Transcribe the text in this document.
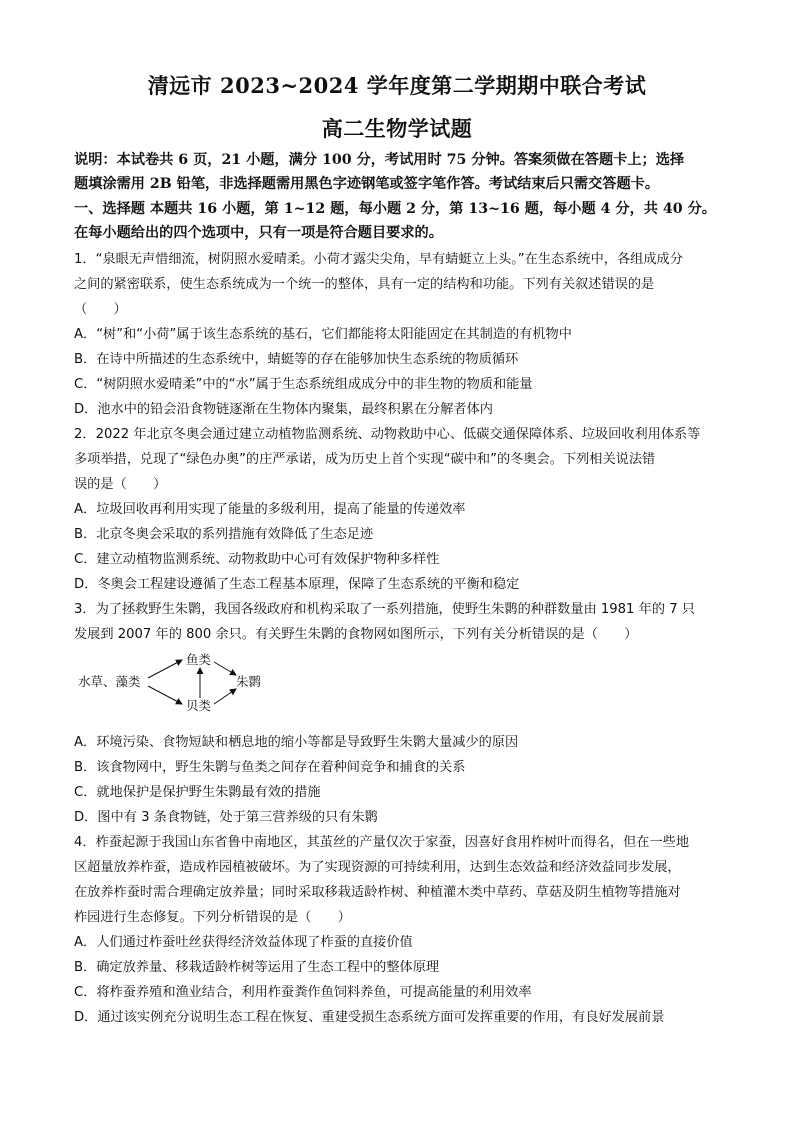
清远市 2023~2024 学年度第二学期期中联合考试
高二生物学试题
说明：本试卷共 6 页，21 小题，满分 100 分，考试用时 75 分钟。答案须做在答题卡上；选择
题填涂需用 2B 铅笔，非选择题需用黑色字迹钢笔或签字笔作答。考试结束后只需交答题卡。
一、选择题 本题共 16 小题，第 1~12 题，每小题 2 分，第 13~16 题，每小题 4 分，共 40 分。
在每小题给出的四个选项中，只有一项是符合题目要求的。
1．“泉眼无声惜细流，树阴照水爱晴柔。小荷才露尖尖角，早有蜻蜓立上头。”在生态系统中，各组成成分
之间的紧密联系，使生态系统成为一个统一的整体，具有一定的结构和功能。下列有关叙述错误的是
（　　）
A．“树”和“小荷”属于该生态系统的基石，它们都能将太阳能固定在其制造的有机物中
B．在诗中所描述的生态系统中，蜻蜓等的存在能够加快生态系统的物质循环
C．“树阴照水爱晴柔”中的“水”属于生态系统组成成分中的非生物的物质和能量
D．池水中的铅会沿食物链逐渐在生物体内聚集，最终积累在分解者体内
2．2022 年北京冬奥会通过建立动植物监测系统、动物救助中心、低碳交通保障体系、垃圾回收利用体系等
多项举措，兑现了“绿色办奥”的庄严承诺，成为历史上首个实现“碳中和”的冬奥会。下列相关说法错
误的是（　　）
A．垃圾回收再利用实现了能量的多级利用，提高了能量的传递效率
B．北京冬奥会采取的系列措施有效降低了生态足迹
C．建立动植物监测系统、动物救助中心可有效保护物种多样性
D．冬奥会工程建设遵循了生态工程基本原理，保障了生态系统的平衡和稳定
3．为了拯救野生朱鹮，我国各级政府和机构采取了一系列措施，使野生朱鹮的种群数量由 1981 年的 7 只
发展到 2007 年的 800 余只。有关野生朱鹮的食物网如图所示，下列有关分析错误的是（　　）
水草、藻类
鱼类
贝类
朱鹮
A．环境污染、食物短缺和栖息地的缩小等都是导致野生朱鹮大量减少的原因
B．该食物网中，野生朱鹮与鱼类之间存在着种间竞争和捕食的关系
C．就地保护是保护野生朱鹮最有效的措施
D．图中有 3 条食物链，处于第三营养级的只有朱鹮
4．柞蚕起源于我国山东省鲁中南地区，其茧丝的产量仅次于家蚕，因喜好食用柞树叶而得名，但在一些地
区超量放养柞蚕，造成柞园植被破坏。为了实现资源的可持续利用，达到生态效益和经济效益同步发展，
在放养柞蚕时需合理确定放养量；同时采取移栽适龄柞树、种植灌木类中草药、草菇及阴生植物等措施对
柞园进行生态修复。下列分析错误的是（　　）
A．人们通过柞蚕吐丝获得经济效益体现了柞蚕的直接价值
B．确定放养量、移栽适龄柞树等运用了生态工程中的整体原理
C．将柞蚕养殖和渔业结合，利用柞蚕粪作鱼饲料养鱼，可提高能量的利用效率
D．通过该实例充分说明生态工程在恢复、重建受损生态系统方面可发挥重要的作用，有良好发展前景
